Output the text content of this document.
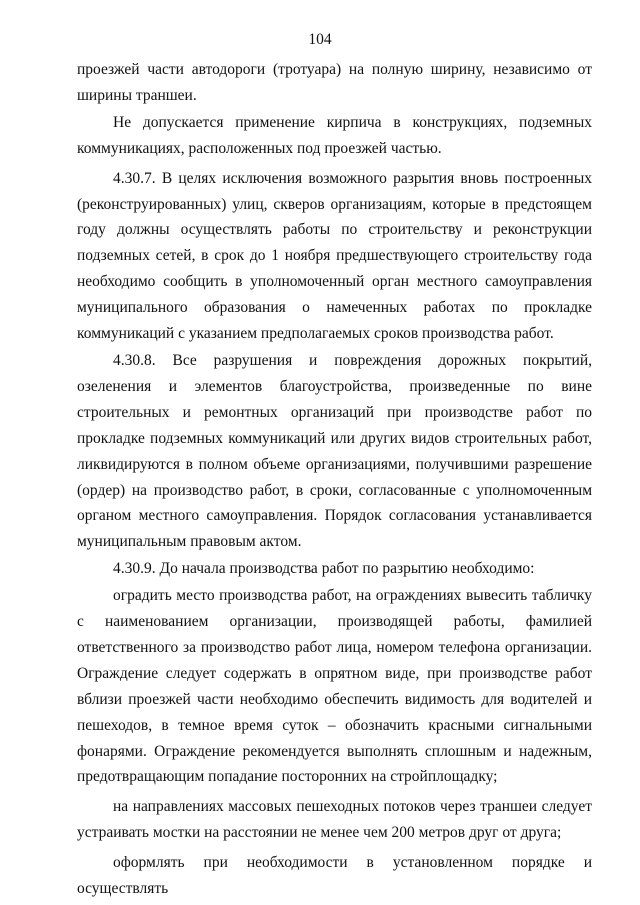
104

проезжей части автодороги (тротуара) на полную ширину, независимо от ширины траншеи.

Не допускается применение кирпича в конструкциях, подземных коммуникациях, расположенных под проезжей частью.

4.30.7. В целях исключения возможного разрытия вновь построенных (реконструированных) улиц, скверов организациям, которые в предстоящем году должны осуществлять работы по строительству и реконструкции подземных сетей, в срок до 1 ноября предшествующего строительству года необходимо сообщить в уполномоченный орган местного самоуправления муниципального образования о намеченных работах по прокладке коммуникаций с указанием предполагаемых сроков производства работ.

4.30.8. Все разрушения и повреждения дорожных покрытий, озеленения и элементов благоустройства, произведенные по вине строительных и ремонтных организаций при производстве работ по прокладке подземных коммуникаций или других видов строительных работ, ликвидируются в полном объеме организациями, получившими разрешение (ордер) на производство работ, в сроки, согласованные с уполномоченным органом местного самоуправления. Порядок согласования устанавливается муниципальным правовым актом.

4.30.9. До начала производства работ по разрытию необходимо:

оградить место производства работ, на ограждениях вывесить табличку с наименованием организации, производящей работы, фамилией ответственного за производство работ лица, номером телефона организации. Ограждение следует содержать в опрятном виде, при производстве работ вблизи проезжей части необходимо обеспечить видимость для водителей и пешеходов, в темное время суток – обозначить красными сигнальными фонарями. Ограждение рекомендуется выполнять сплошным и надежным, предотвращающим попадание посторонних на стройплощадку;

на направлениях массовых пешеходных потоков через траншеи следует устраивать мостки на расстоянии не менее чем 200 метров друг от друга;

оформлять при необходимости в установленном порядке и осуществлять
